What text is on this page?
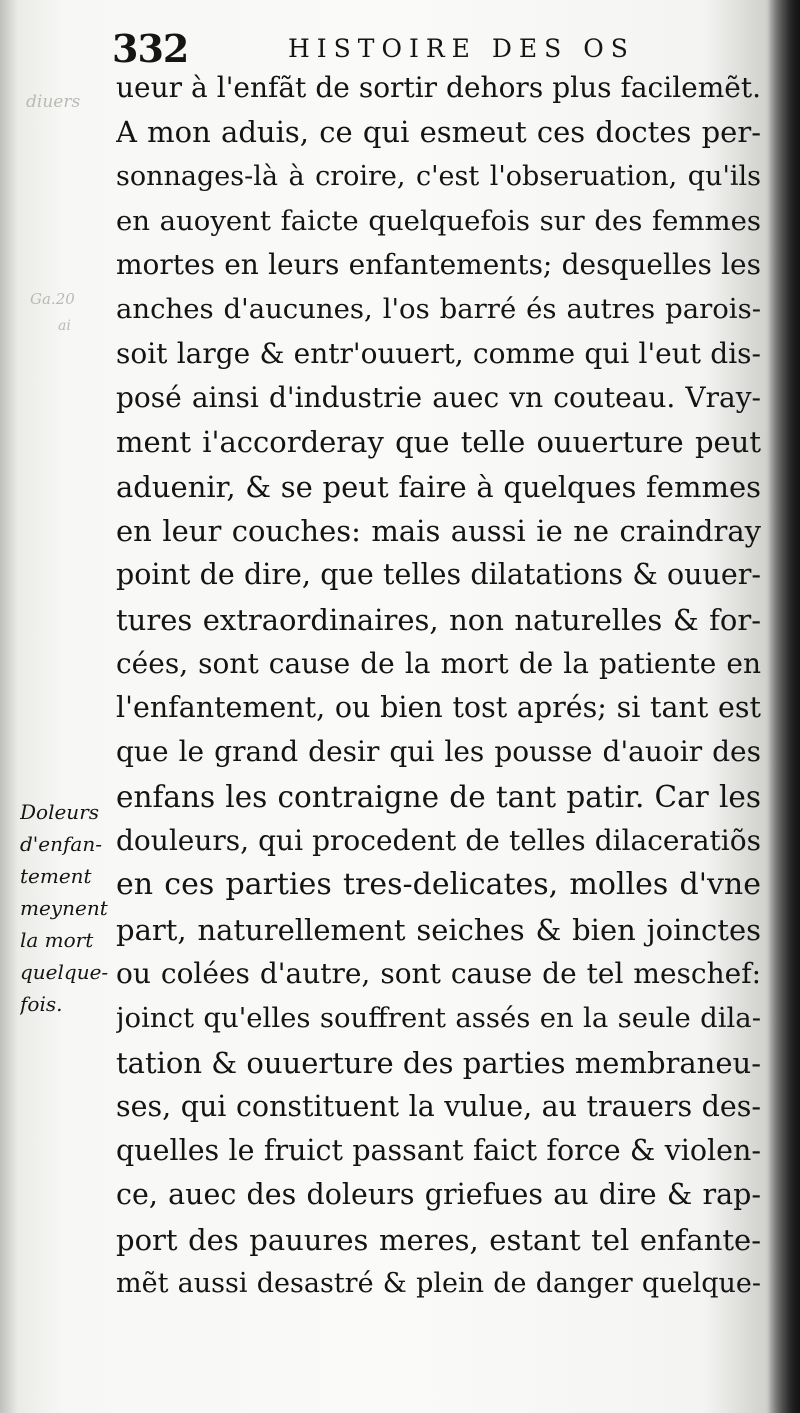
diuers
Ga.20
ai
332	HISTOIRE DES OS
ueur à l'enfãt de sortir dehors plus facilemẽt.
A mon aduis, ce qui esmeut ces doctes per-
sonnages-là à croire, c'est l'obseruation, qu'ils
en auoyent faicte quelquefois sur des femmes
mortes en leurs enfantements; desquelles les
anches d'aucunes, l'os barré és autres parois-
soit large & entr'ouuert, comme qui l'eut dis-
posé ainsi d'industrie auec vn couteau. Vray-
ment i'accorderay que telle ouuerture peut
aduenir, & se peut faire à quelques femmes
en leur couches: mais aussi ie ne craindray
point de dire, que telles dilatations & ouuer-
tures extraordinaires, non naturelles & for-
cées, sont cause de la mort de la patiente en
l'enfantement, ou bien tost aprés; si tant est
que le grand desir qui les pousse d'auoir des
enfans les contraigne de tant patir. Car les
douleurs, qui procedent de telles dilaceratiõs
en ces parties tres-delicates, molles d'vne
part, naturellement seiches & bien joinctes
ou colées d'autre, sont cause de tel meschef:
joinct qu'elles souffrent assés en la seule dila-
tation & ouuerture des parties membraneu-
ses, qui constituent la vulue, au trauers des-
quelles le fruict passant faict force & violen-
ce, auec des doleurs griefues au dire & rap-
port des pauures meres, estant tel enfante-
mẽt aussi desastré & plein de danger quelque-
Doleurs
d'enfan-
tement
meynent
la mort
quelque-
fois.
